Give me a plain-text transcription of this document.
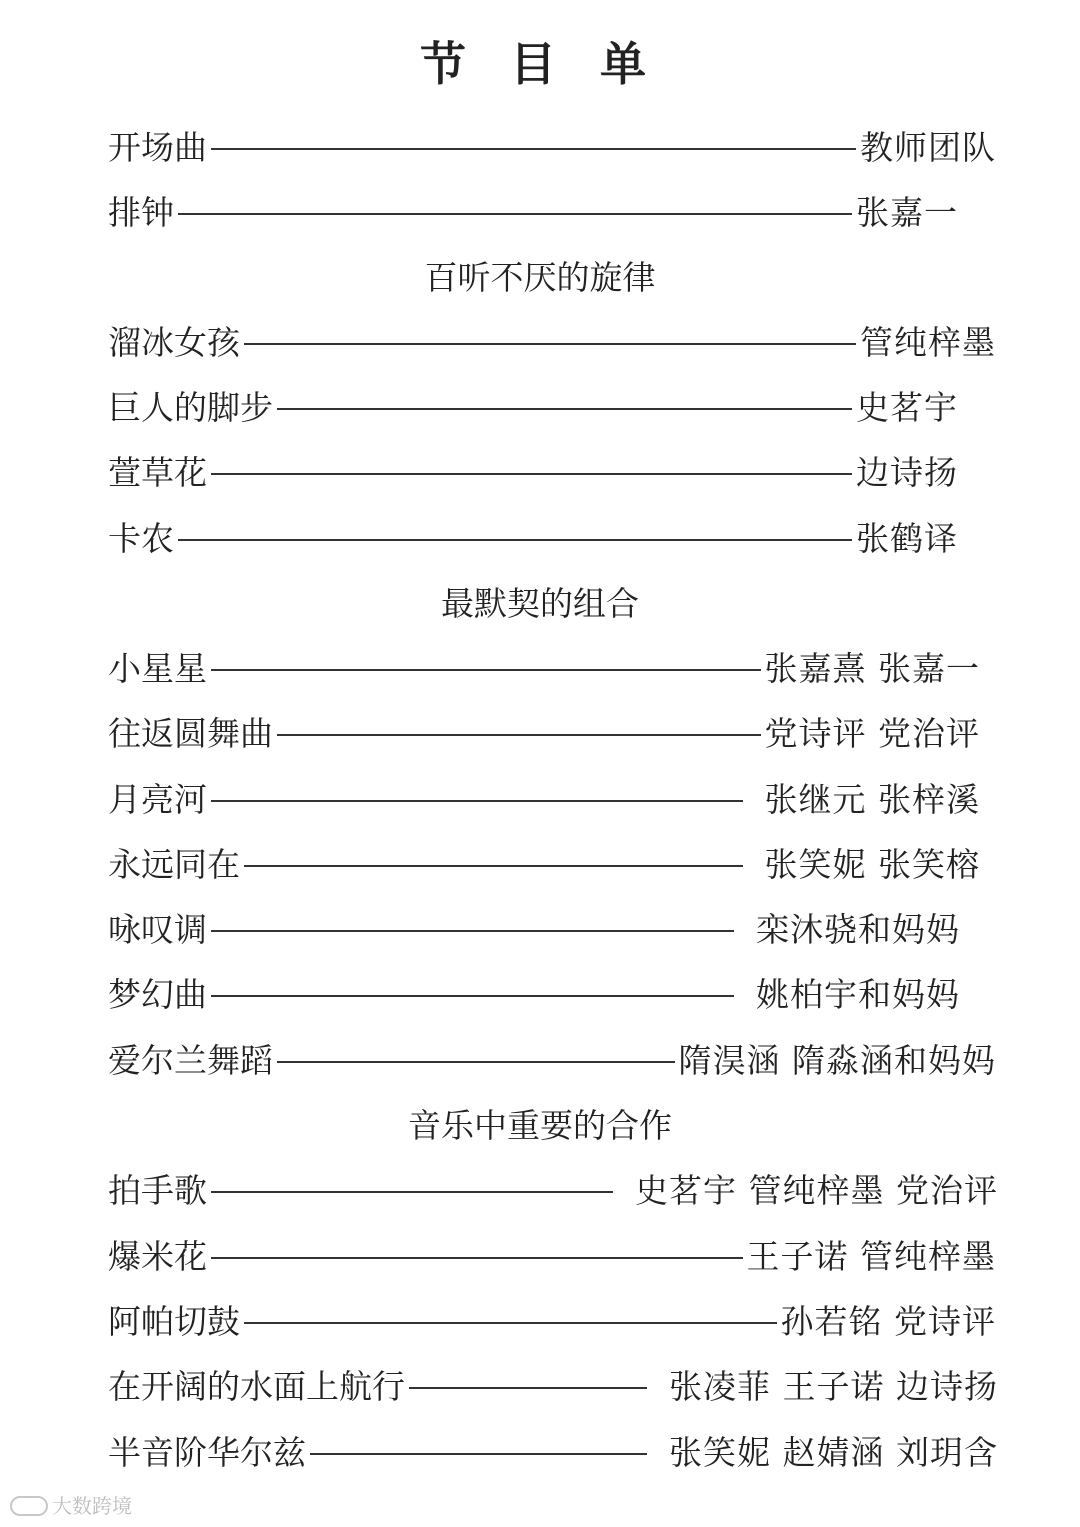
节 目 单
开场曲	教师团队
排钟	张嘉一
百听不厌的旋律
溜冰女孩	管纯梓墨
巨人的脚步	史茗宇
萱草花	边诗扬
卡农	张鹤译
最默契的组合
小星星	张嘉熹 张嘉一
往返圆舞曲	党诗评 党治评
月亮河	张继元 张梓溪
永远同在	张笑妮 张笑榕
咏叹调	栾沐骁和妈妈
梦幻曲	姚柏宇和妈妈
爱尔兰舞蹈	隋淏涵 隋淼涵和妈妈
音乐中重要的合作
拍手歌	史茗宇 管纯梓墨 党治评
爆米花	王子诺 管纯梓墨
阿帕切鼓	孙若铭 党诗评
在开阔的水面上航行	张凌菲 王子诺 边诗扬
半音阶华尔兹	张笑妮 赵婧涵 刘玥含
大数跨境
